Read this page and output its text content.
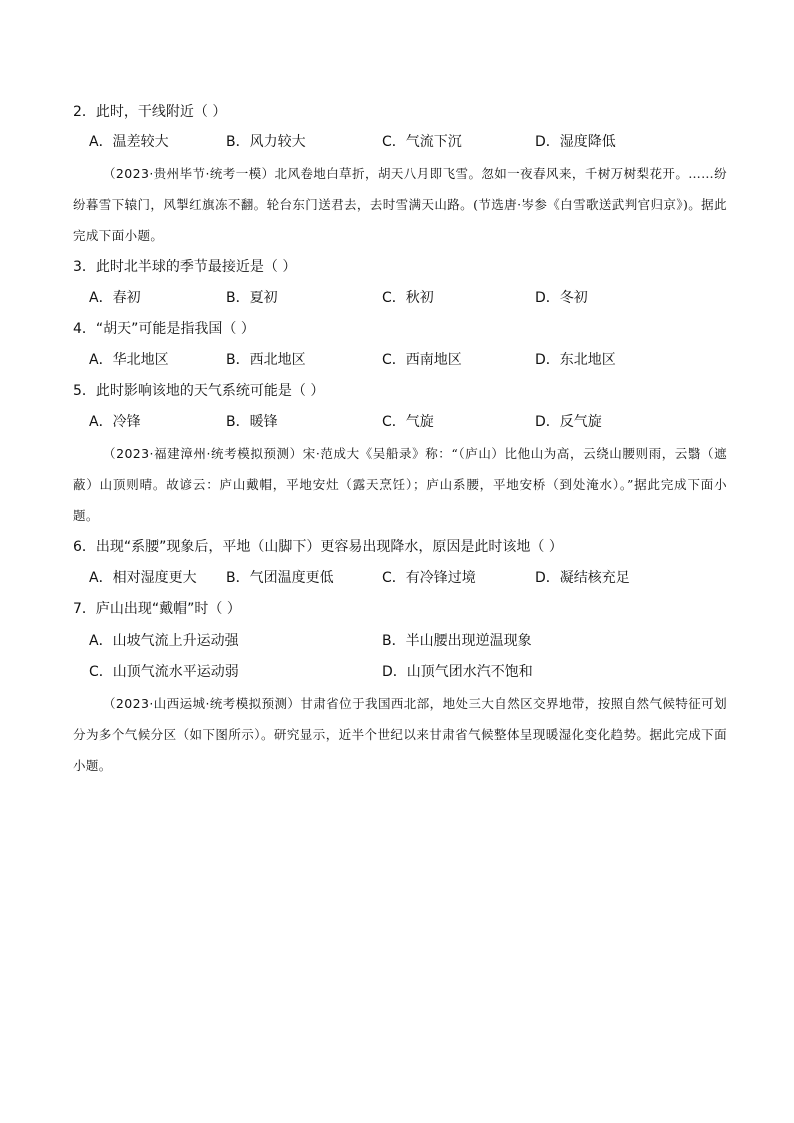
2．此时，干线附近（ ）
A．温差较大	B．风力较大	C．气流下沉	D．湿度降低
（2023·贵州毕节·统考一模）北风卷地白草折，胡天八月即飞雪。忽如一夜春风来，千树万树梨花开。……纷纷暮雪下辕门，风掣红旗冻不翻。轮台东门送君去，去时雪满天山路。(节选唐·岑参《白雪歌送武判官归京》)。据此完成下面小题。
3．此时北半球的季节最接近是（ ）
A．春初	B．夏初	C．秋初	D．冬初
4．“胡天”可能是指我国（ ）
A．华北地区	B．西北地区	C．西南地区	D．东北地区
5．此时影响该地的天气系统可能是（ ）
A．冷锋	B．暖锋	C．气旋	D．反气旋
（2023·福建漳州·统考模拟预测）宋·范成大《吴船录》称：“（庐山）比他山为高，云绕山腰则雨，云翳（遮蔽）山顶则晴。故谚云：庐山戴帽，平地安灶（露天烹饪）；庐山系腰，平地安桥（到处淹水）。”据此完成下面小题。
6．出现“系腰”现象后，平地（山脚下）更容易出现降水，原因是此时该地（ ）
A．相对湿度更大 B．气团温度更低	C．有冷锋过境	D．凝结核充足
7．庐山出现“戴帽”时（ ）
A．山坡气流上升运动强	B．半山腰出现逆温现象
C．山顶气流水平运动弱	D．山顶气团水汽不饱和
（2023·山西运城·统考模拟预测）甘肃省位于我国西北部，地处三大自然区交界地带，按照自然气候特征可划分为多个气候分区（如下图所示）。研究显示，近半个世纪以来甘肃省气候整体呈现暖湿化变化趋势。据此完成下面小题。
